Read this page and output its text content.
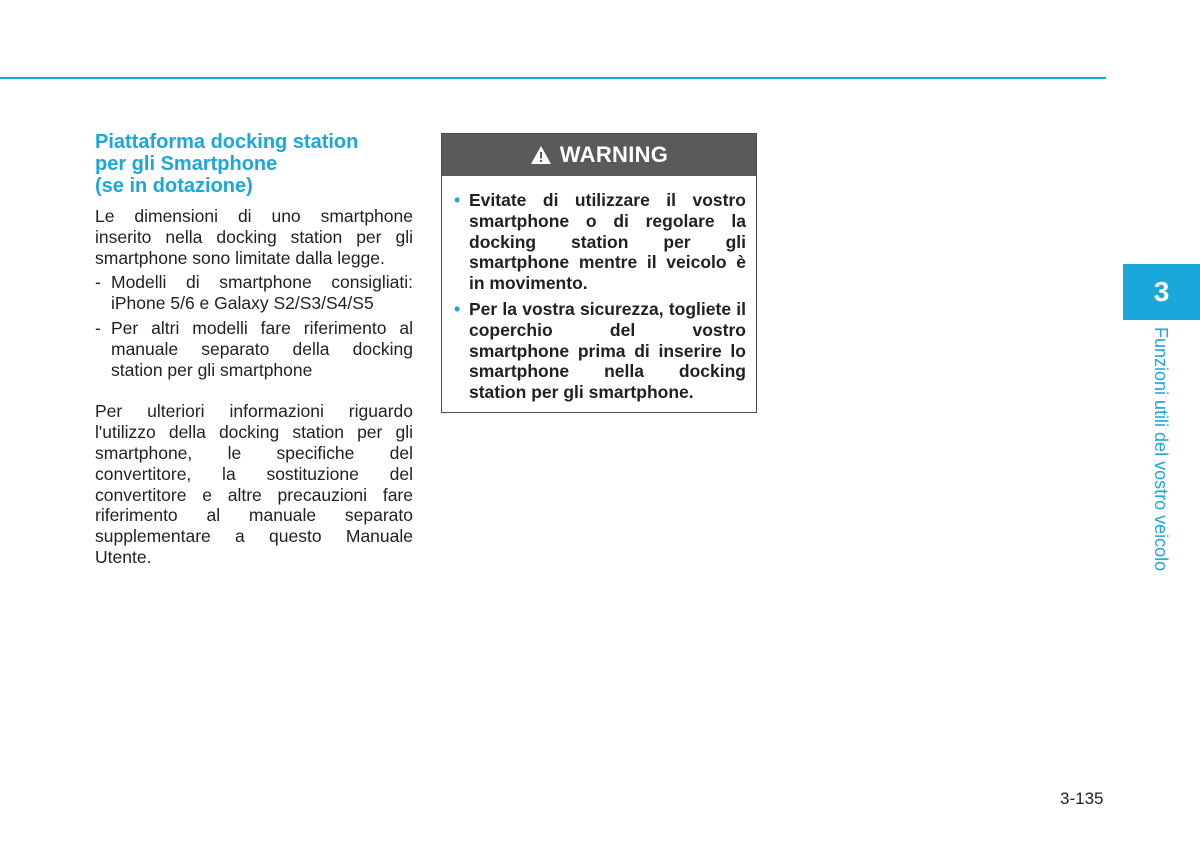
Piattaforma docking station
per gli Smartphone
(se in dotazione)

Le dimensioni di uno smartphone inserito nella docking station per gli smartphone sono limitate dalla legge.

- Modelli di smartphone consigliati: iPhone 5/6 e Galaxy S2/S3/S4/S5
- Per altri modelli fare riferimento al manuale separato della docking station per gli smartphone

Per ulteriori informazioni riguardo l'utilizzo della docking station per gli smartphone, le specifiche del convertitore, la sostituzione del convertitore e altre precauzioni fare riferimento al manuale separato supplementare a questo Manuale Utente.

WARNING
• Evitate di utilizzare il vostro smartphone o di regolare la docking station per gli smartphone mentre il veicolo è in movimento.
• Per la vostra sicurezza, togliete il coperchio del vostro smartphone prima di inserire lo smartphone nella docking station per gli smartphone.
3
Funzioni utili del vostro veicolo
3-135
